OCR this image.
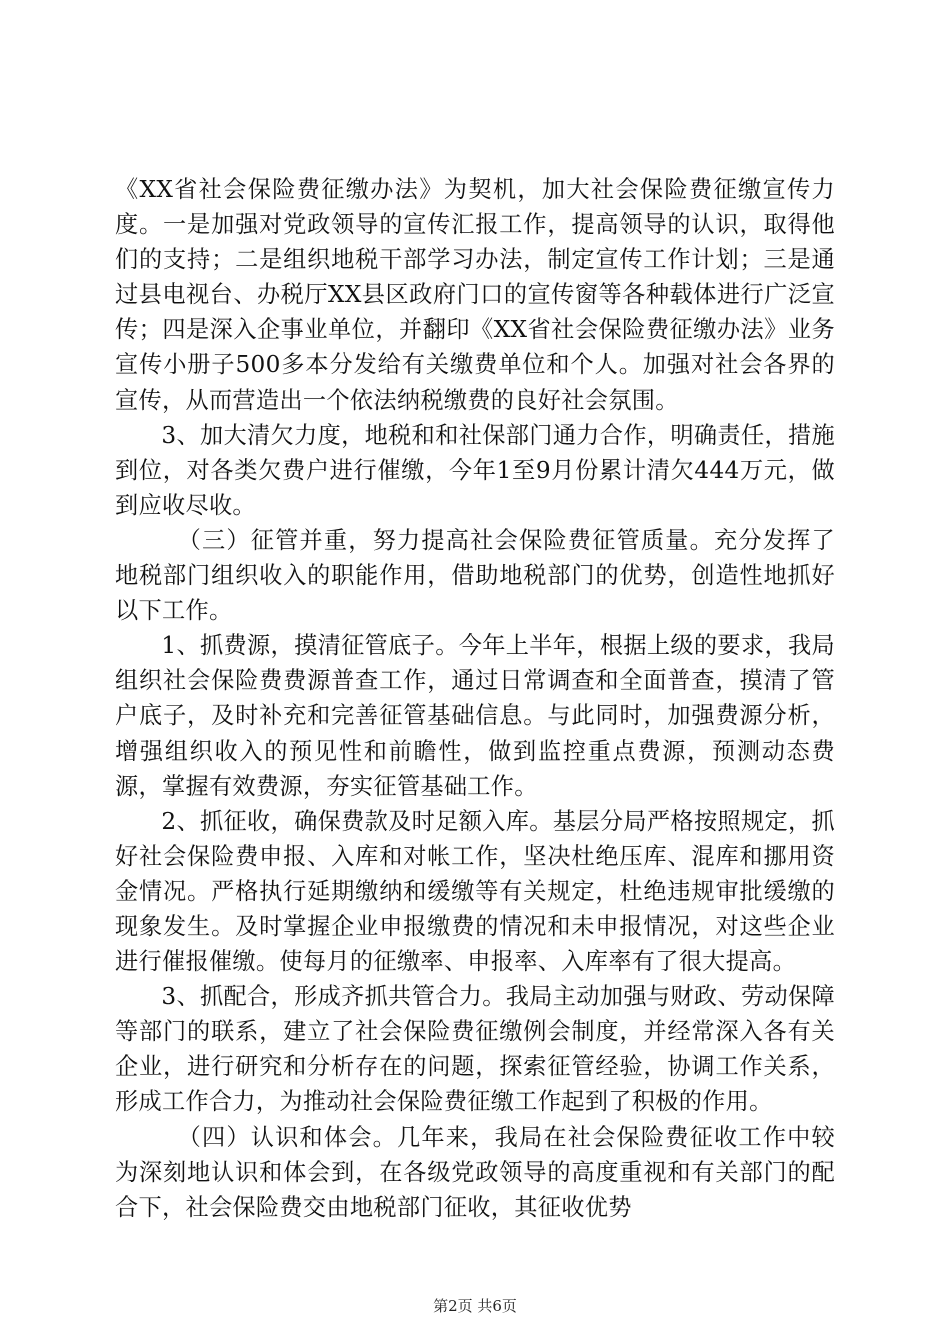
《XX省社会保险费征缴办法》为契机，加大社会保险费征缴宣传力度。一是加强对党政领导的宣传汇报工作，提高领导的认识，取得他们的支持；二是组织地税干部学习办法，制定宣传工作计划；三是通过县电视台、办税厅XX县区政府门口的宣传窗等各种载体进行广泛宣传；四是深入企事业单位，并翻印《XX省社会保险费征缴办法》业务宣传小册子500多本分发给有关缴费单位和个人。加强对社会各界的宣传，从而营造出一个依法纳税缴费的良好社会氛围。

3、加大清欠力度，地税和和社保部门通力合作，明确责任，措施到位，对各类欠费户进行催缴，今年1至9月份累计清欠444万元，做到应收尽收。

（三）征管并重，努力提高社会保险费征管质量。充分发挥了地税部门组织收入的职能作用，借助地税部门的优势，创造性地抓好以下工作。

1、抓费源，摸清征管底子。今年上半年，根据上级的要求，我局组织社会保险费费源普查工作，通过日常调查和全面普查，摸清了管户底子，及时补充和完善征管基础信息。与此同时，加强费源分析，增强组织收入的预见性和前瞻性，做到监控重点费源，预测动态费源，掌握有效费源，夯实征管基础工作。

2、抓征收，确保费款及时足额入库。基层分局严格按照规定，抓好社会保险费申报、入库和对帐工作，坚决杜绝压库、混库和挪用资金情况。严格执行延期缴纳和缓缴等有关规定，杜绝违规审批缓缴的现象发生。及时掌握企业申报缴费的情况和未申报情况，对这些企业进行催报催缴。使每月的征缴率、申报率、入库率有了很大提高。

3、抓配合，形成齐抓共管合力。我局主动加强与财政、劳动保障等部门的联系，建立了社会保险费征缴例会制度，并经常深入各有关企业，进行研究和分析存在的问题，探索征管经验，协调工作关系，形成工作合力，为推动社会保险费征缴工作起到了积极的作用。

（四）认识和体会。几年来，我局在社会保险费征收工作中较为深刻地认识和体会到，在各级党政领导的高度重视和有关部门的配合下，社会保险费交由地税部门征收，其征收优势

第2页 共6页
